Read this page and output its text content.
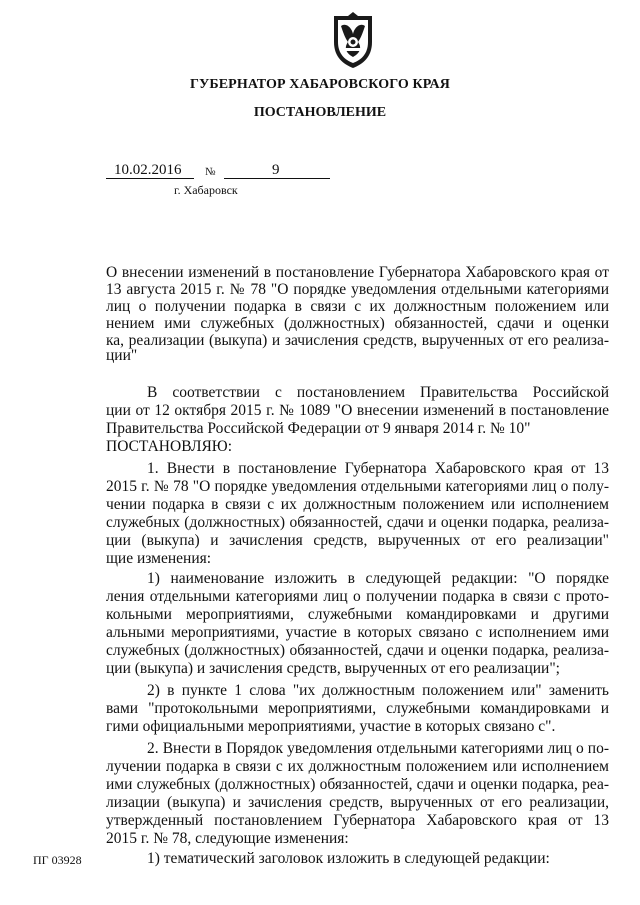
ГУБЕРНАТОР ХАБАРОВСКОГО КРАЯ
ПОСТАНОВЛЕНИЕ
10.02.2016 №	9
г. Хабаровск
О внесении изменений в постановление Губернатора Хабаровского края от
13 августа 2015 г. № 78 "О порядке уведомления отдельными категориями
лиц о получении подарка в связи с их должностным положением или
нением ими служебных (должностных) обязанностей, сдачи и оценки
ка, реализации (выкупа) и зачисления средств, вырученных от его реализа-
ции"
В соответствии с постановлением Правительства Российской
ции от 12 октября 2015 г. № 1089 "О внесении изменений в постановление
Правительства Российской Федерации от 9 января 2014 г. № 10"
ПОСТАНОВЛЯЮ:
1. Внести в постановление Губернатора Хабаровского края от 13
2015 г. № 78 "О порядке уведомления отдельными категориями лиц о полу-
чении подарка в связи с их должностным положением или исполнением
служебных (должностных) обязанностей, сдачи и оценки подарка, реализа-
ции (выкупа) и зачисления средств, вырученных от его реализации"
щие изменения:
1) наименование изложить в следующей редакции: "О порядке
ления отдельными категориями лиц о получении подарка в связи с прото-
кольными мероприятиями, служебными командировками и другими
альными мероприятиями, участие в которых связано с исполнением ими
служебных (должностных) обязанностей, сдачи и оценки подарка, реализа-
ции (выкупа) и зачисления средств, вырученных от его реализации";
2) в пункте 1 слова "их должностным положением или" заменить
вами "протокольными мероприятиями, служебными командировками и
гими официальными мероприятиями, участие в которых связано с".
2. Внести в Порядок уведомления отдельными категориями лиц о по-
лучении подарка в связи с их должностным положением или исполнением
ими служебных (должностных) обязанностей, сдачи и оценки подарка, реа-
лизации (выкупа) и зачисления средств, вырученных от его реализации,
утвержденный постановлением Губернатора Хабаровского края от 13
2015 г. № 78, следующие изменения:
1) тематический заголовок изложить в следующей редакции:
ПГ 03928
